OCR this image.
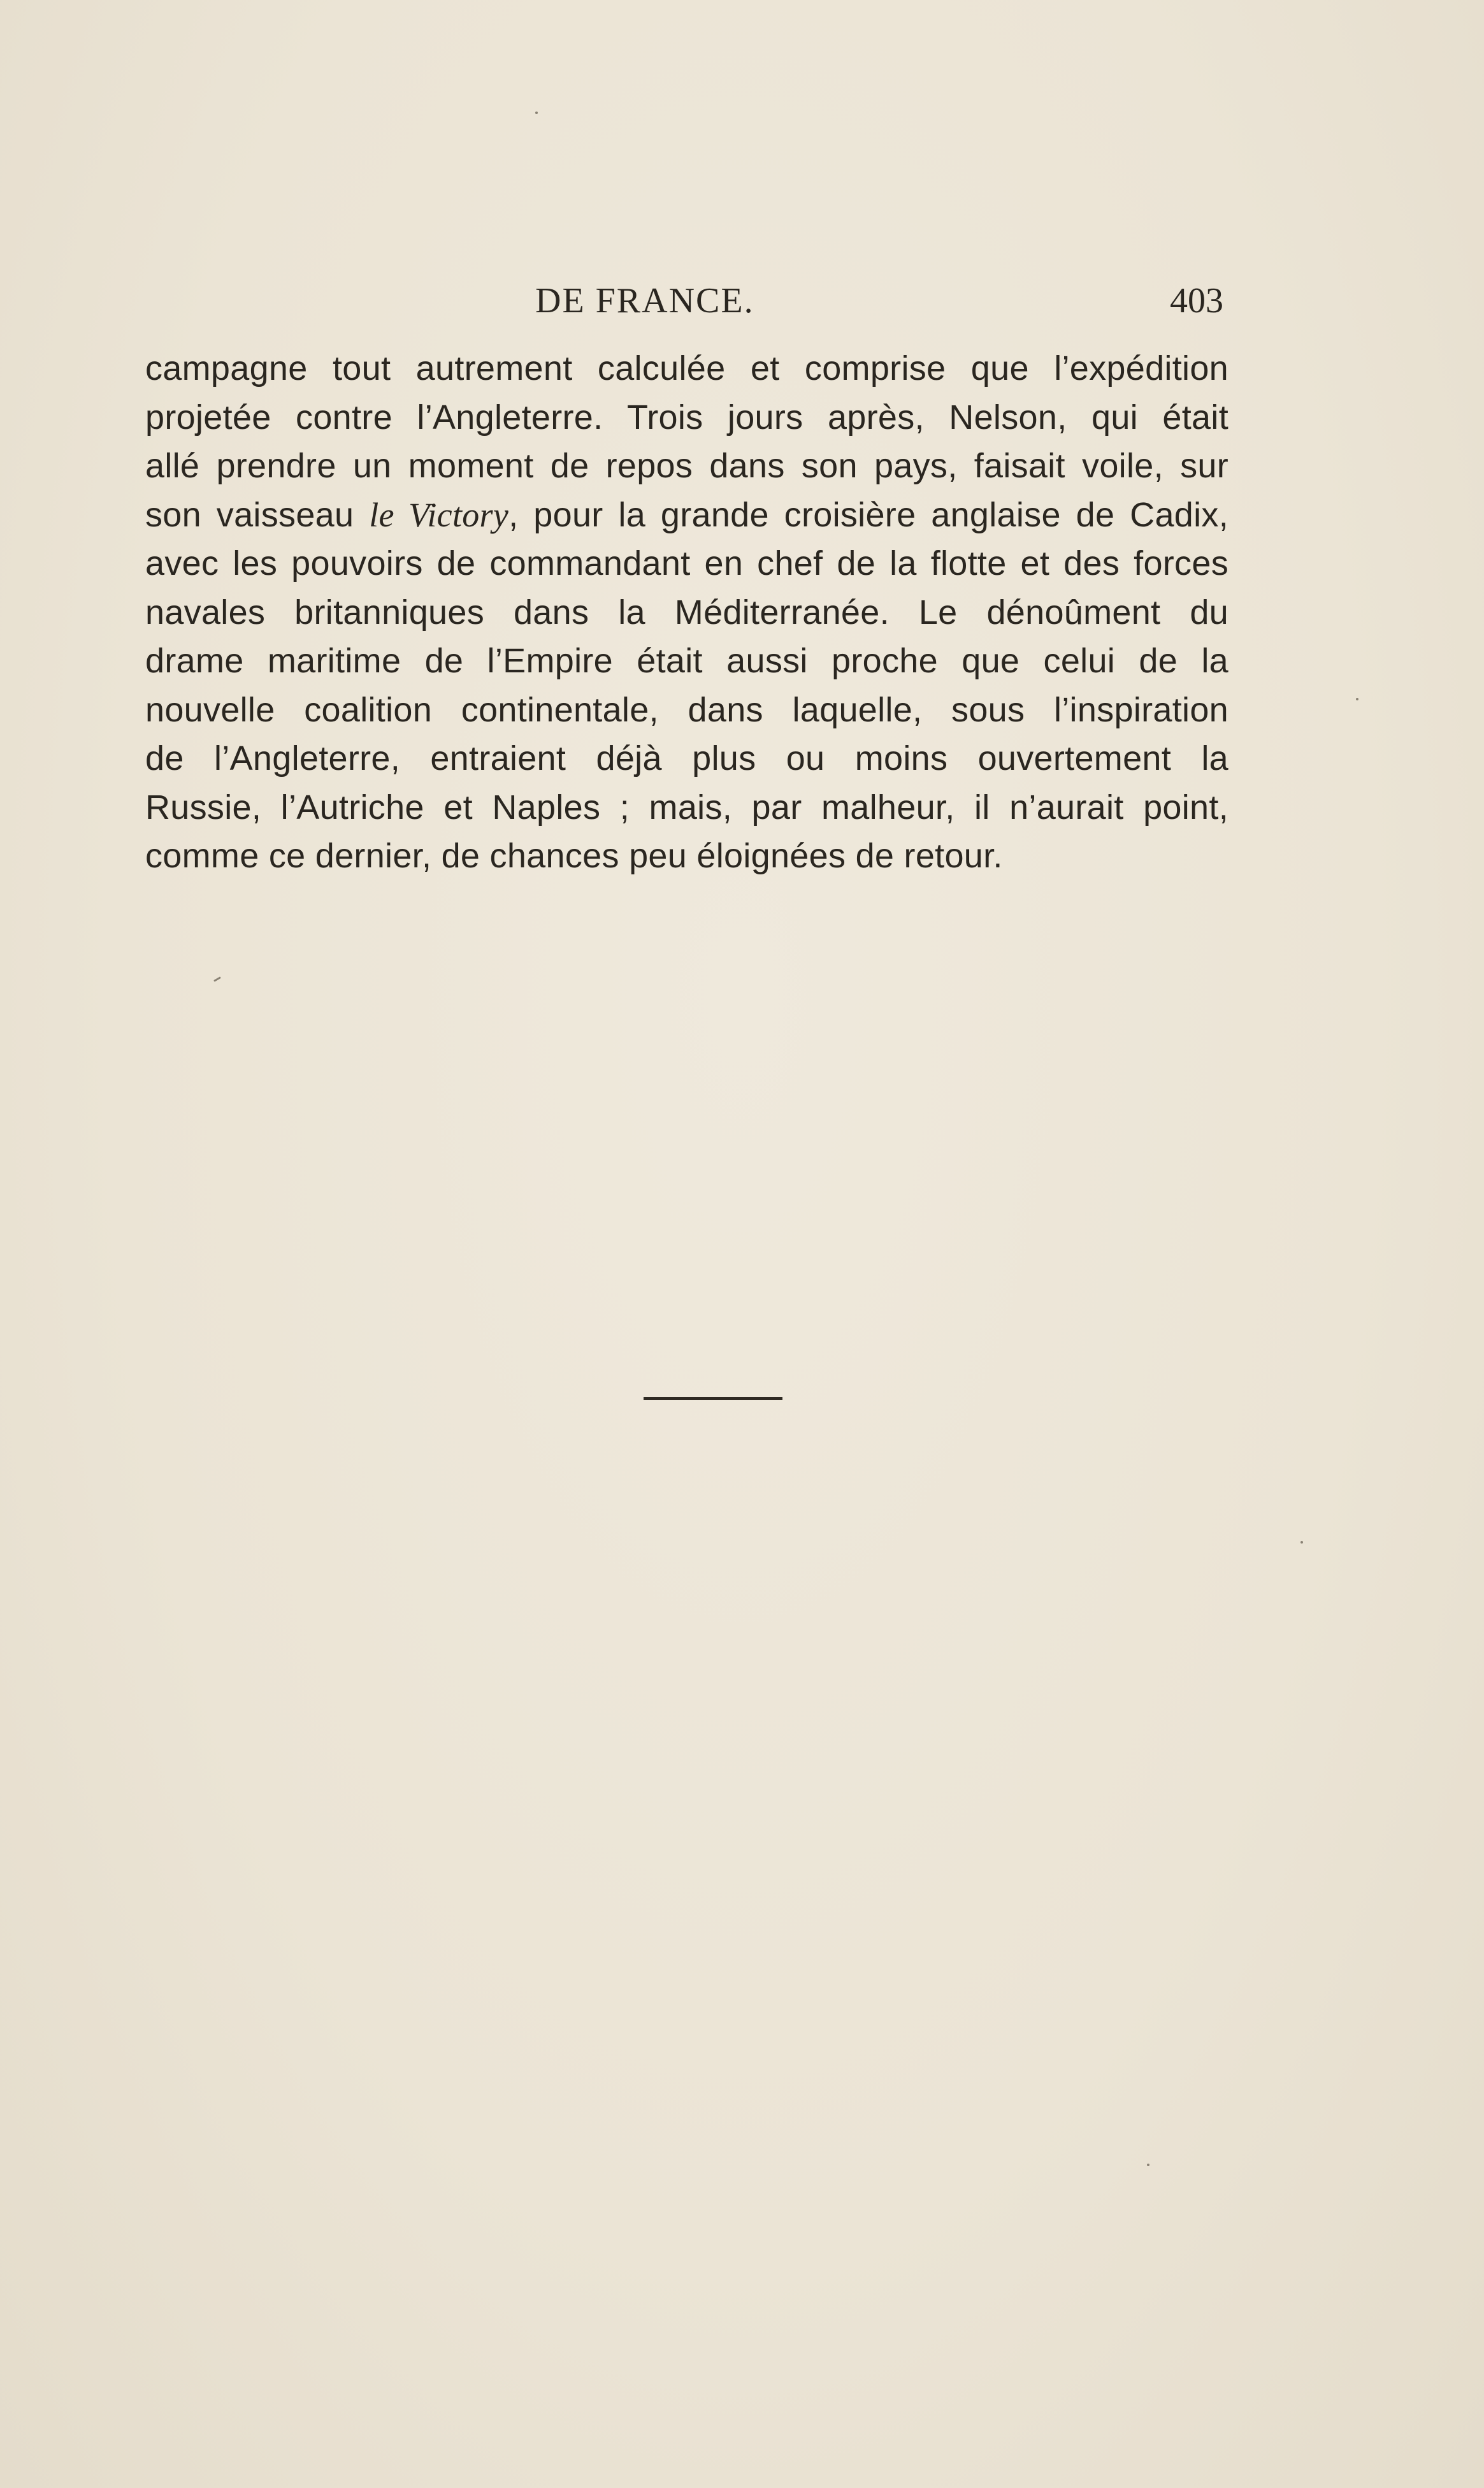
DE FRANCE.	403
campagne tout autrement calculée et comprise que l’expédition
projetée contre l’Angleterre. Trois jours après, Nelson, qui était
allé prendre un moment de repos dans son pays, faisait voile, sur
son vaisseau le Victory, pour la grande croisière anglaise de Cadix,
avec les pouvoirs de commandant en chef de la flotte et des forces
navales britanniques dans la Méditerranée. Le dénoûment du
drame maritime de l’Empire était aussi proche que celui de la
nouvelle coalition continentale, dans laquelle, sous l’inspiration
de l’Angleterre, entraient déjà plus ou moins ouvertement la
Russie, l’Autriche et Naples ; mais, par malheur, il n’aurait point,
comme ce dernier, de chances peu éloignées de retour.
